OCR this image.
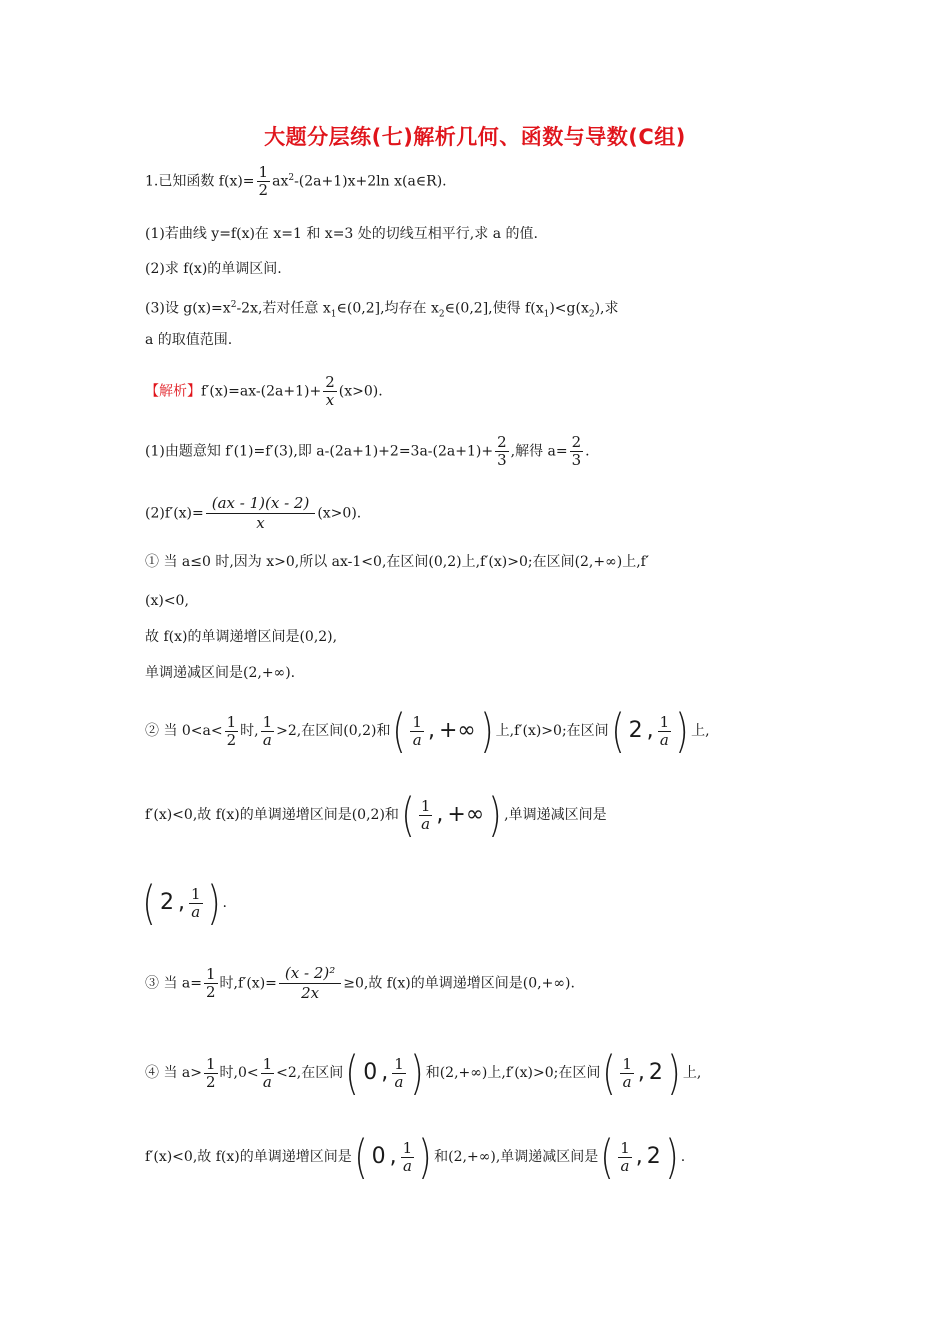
大题分层练(七)解析几何、函数与导数(C组)
1.已知函数 $f(x)= \frac{1}{2} ax^2-(2a+1)x+2\ln$ x(a∈R).
(1)若曲线 y=f(x)在 x=1 和 x=3 处的切线互相平行,求 a 的值.
(2)求 f(x)的单调区间.
(3)设 $g(x)=x^2-2x$,若对任意 $x_1\in(0,2]$,均存在 $x_2\in(0,2]$,使得 $f(x_1)<g(x_2)$,求
a 的取值范围.
【解析】$f'(x)=ax-(2a+1)+ \frac{2}{x} (x>0)$.
(1)由题意知 f′(1)=f′(3),即 $a-(2a+1)+2=3a-(2a+1)+ \frac{2}{3}$ ,解得 $a= \frac{2}{3}$ .
$(2)f'(x)= \frac{(ax - 1)(x - 2)}{x} (x>0)$.
① 当 a≤0 时,因为 x>0,所以 ax-1<0,在区间(0,2)上,f′(x)>0;在区间(2,+∞)上,f′
(x)<0,
故 f(x)的单调递增区间是(0,2),
单调递减区间是(2,+∞).
② 当 $0<a< \frac{1}{2}$ 时, $\frac{1}{a} >2$,在区间(0,2)和 ( $\frac{1}{a}$ , +∞ ) 上,f′(x)>0;在区间 ( 2 , $\frac{1}{a}$ ) 上,
f′(x)<0,故 f(x)的单调递增区间是(0,2)和 ( $\frac{1}{a}$ , +∞ ) ,单调递减区间是
( 2 , $\frac{1}{a}$ ) .
③ 当 $a= \frac{1}{2}$ 时$,f'(x)= \frac{\text{(x - 2)²}}{2x} \ge 0$,故 f(x)的单调递增区间是(0,+∞).
④ 当 $a> \frac{1}{2}$ 时$,0< \frac{1}{a} <2$,在区间 ( 0 , $\frac{1}{a}$ ) 和(2,+∞)上,f′(x)>0;在区间 ( $\frac{1}{a}$ , 2 ) 上,
f′(x)<0,故 f(x)的单调递增区间是 ( 0 , $\frac{1}{a}$ ) 和(2,+∞),单调递减区间是 ( $\frac{1}{a}$ , 2 ) .
